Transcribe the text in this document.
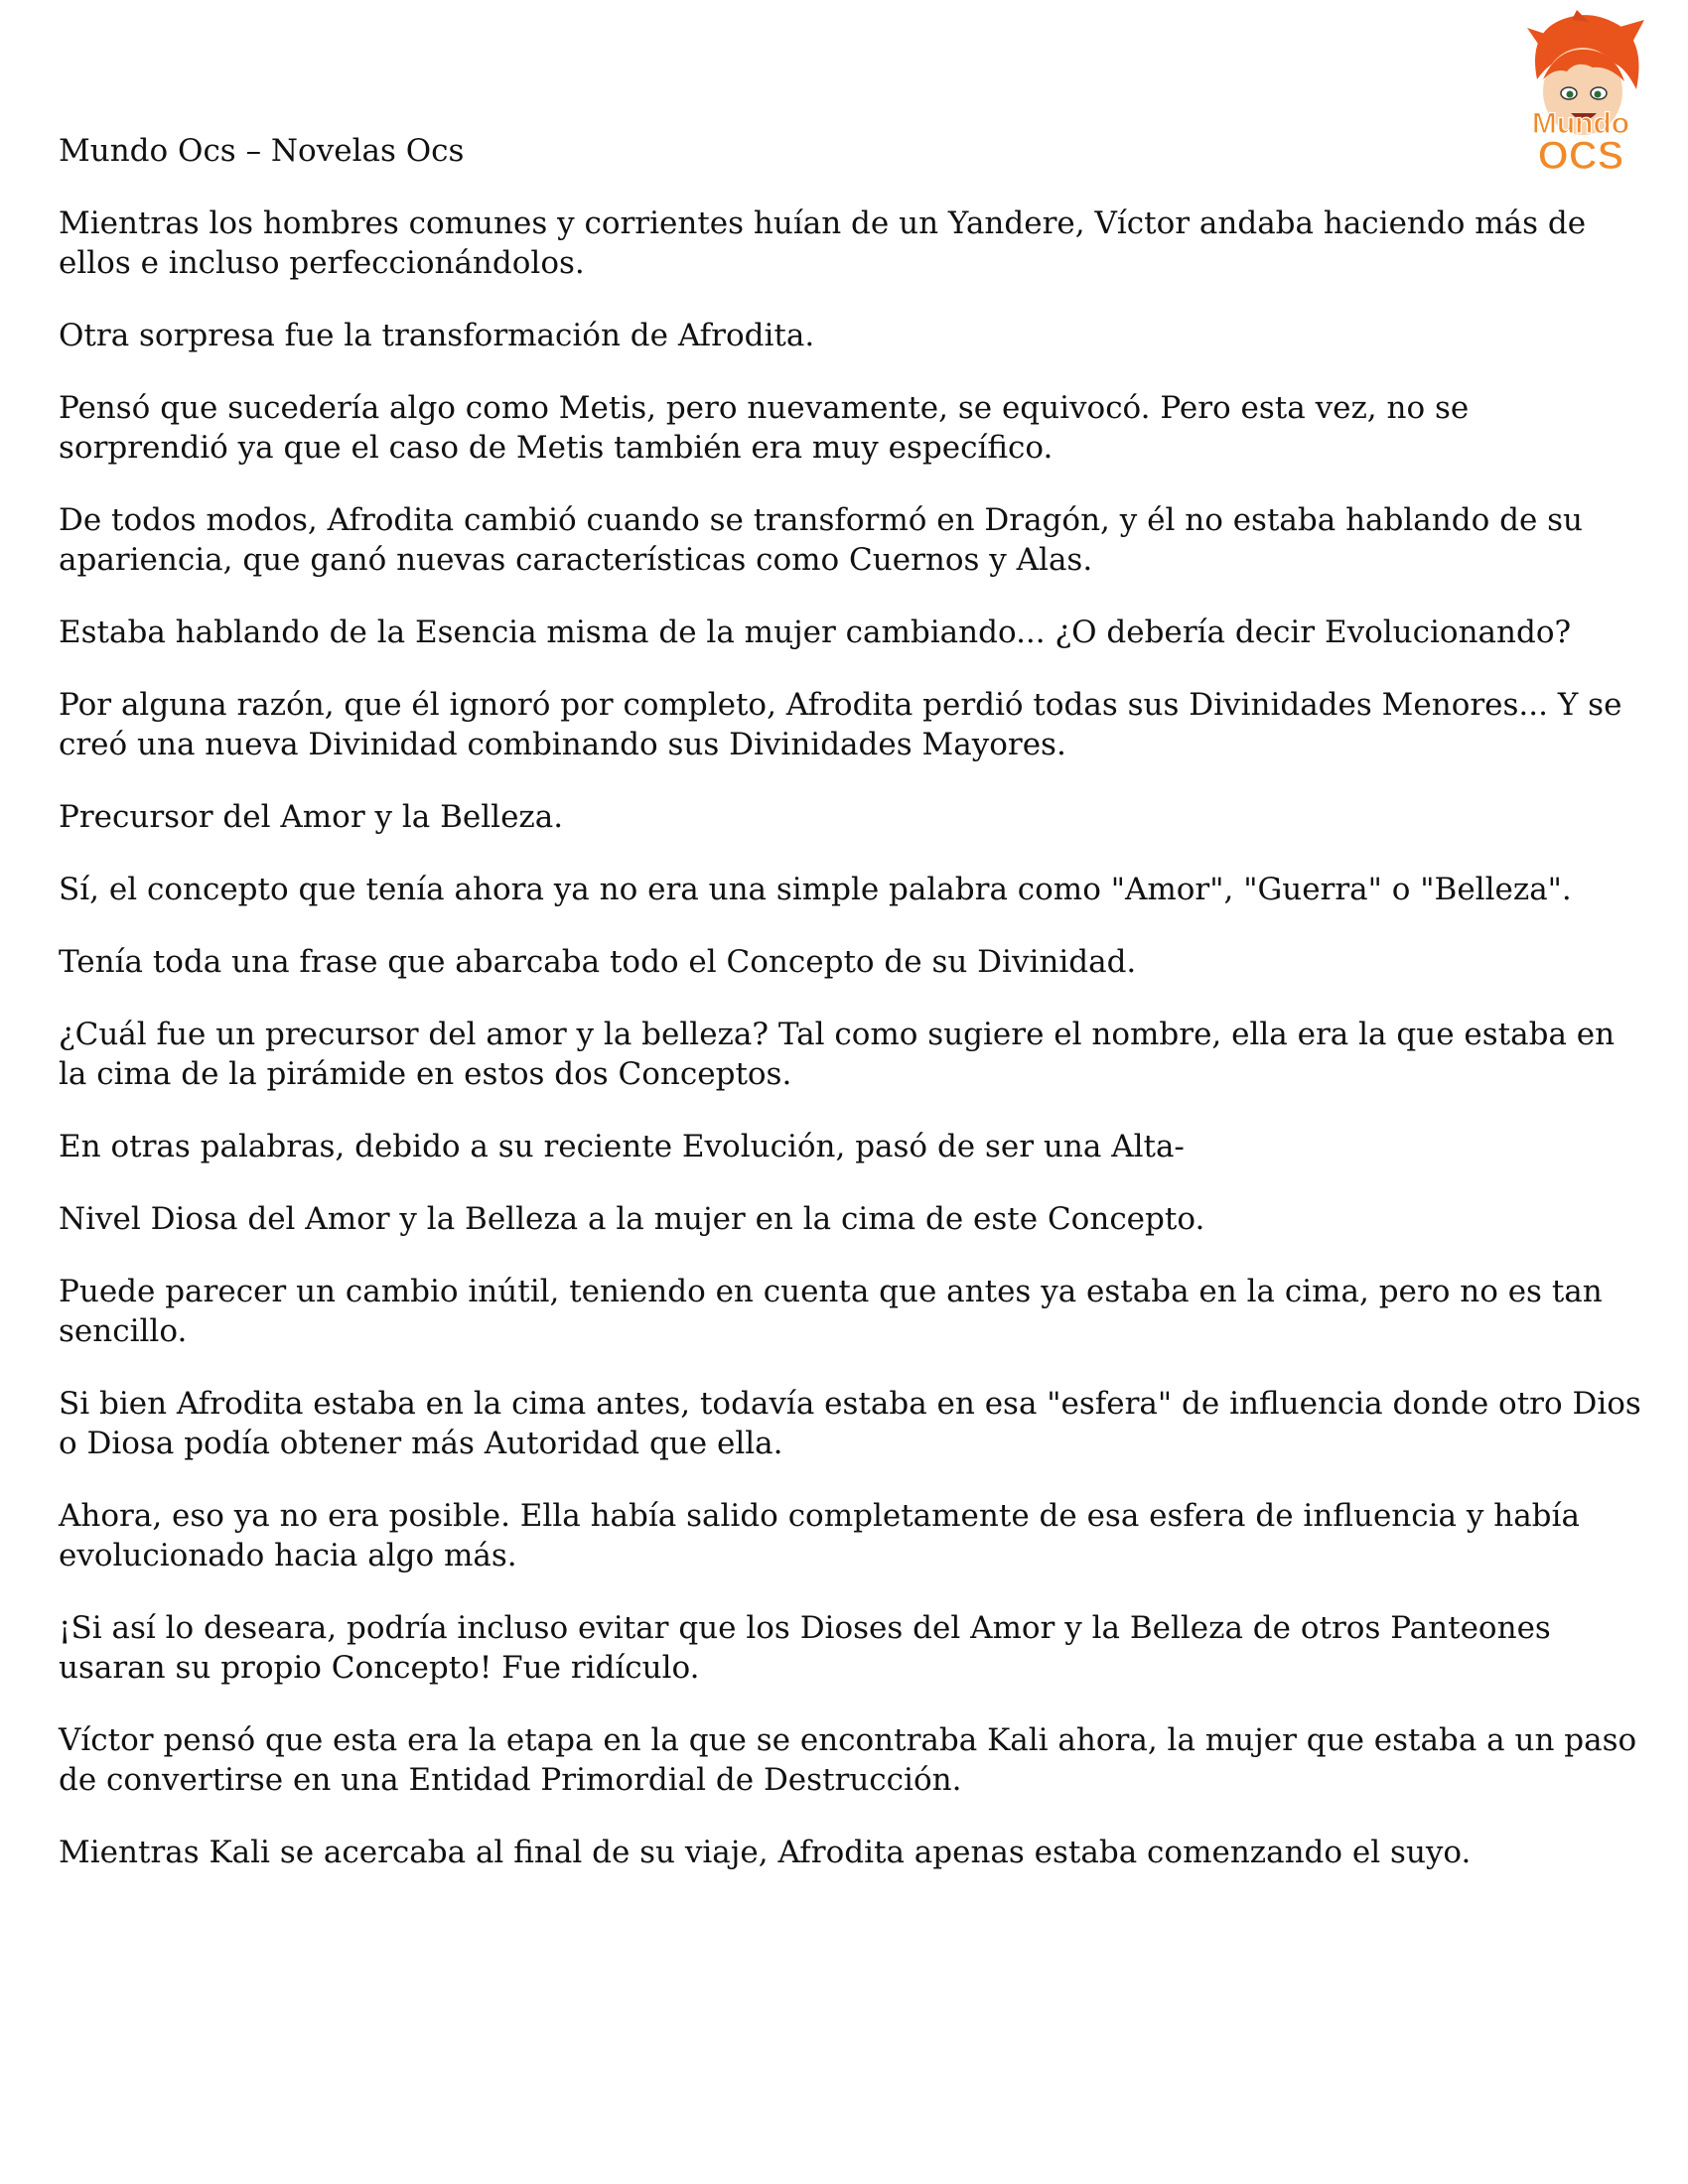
Mundo
OCS
Mundo Ocs – Novelas Ocs

Mientras los hombres comunes y corrientes huían de un Yandere, Víctor andaba haciendo más de ellos e incluso perfeccionándolos.

Otra sorpresa fue la transformación de Afrodita.

Pensó que sucedería algo como Metis, pero nuevamente, se equivocó. Pero esta vez, no se sorprendió ya que el caso de Metis también era muy específico.

De todos modos, Afrodita cambió cuando se transformó en Dragón, y él no estaba hablando de su apariencia, que ganó nuevas características como Cuernos y Alas.

Estaba hablando de la Esencia misma de la mujer cambiando... ¿O debería decir Evolucionando?

Por alguna razón, que él ignoró por completo, Afrodita perdió todas sus Divinidades Menores... Y se creó una nueva Divinidad combinando sus Divinidades Mayores.

Precursor del Amor y la Belleza.

Sí, el concepto que tenía ahora ya no era una simple palabra como "Amor", "Guerra" o "Belleza".

Tenía toda una frase que abarcaba todo el Concepto de su Divinidad.

¿Cuál fue un precursor del amor y la belleza? Tal como sugiere el nombre, ella era la que estaba en la cima de la pirámide en estos dos Conceptos.

En otras palabras, debido a su reciente Evolución, pasó de ser una Alta-

Nivel Diosa del Amor y la Belleza a la mujer en la cima de este Concepto.

Puede parecer un cambio inútil, teniendo en cuenta que antes ya estaba en la cima, pero no es tan sencillo.

Si bien Afrodita estaba en la cima antes, todavía estaba en esa "esfera" de influencia donde otro Dios o Diosa podía obtener más Autoridad que ella.

Ahora, eso ya no era posible. Ella había salido completamente de esa esfera de influencia y había evolucionado hacia algo más.

¡Si así lo deseara, podría incluso evitar que los Dioses del Amor y la Belleza de otros Panteones usaran su propio Concepto! Fue ridículo.

Víctor pensó que esta era la etapa en la que se encontraba Kali ahora, la mujer que estaba a un paso de convertirse en una Entidad Primordial de Destrucción.

Mientras Kali se acercaba al final de su viaje, Afrodita apenas estaba comenzando el suyo.
